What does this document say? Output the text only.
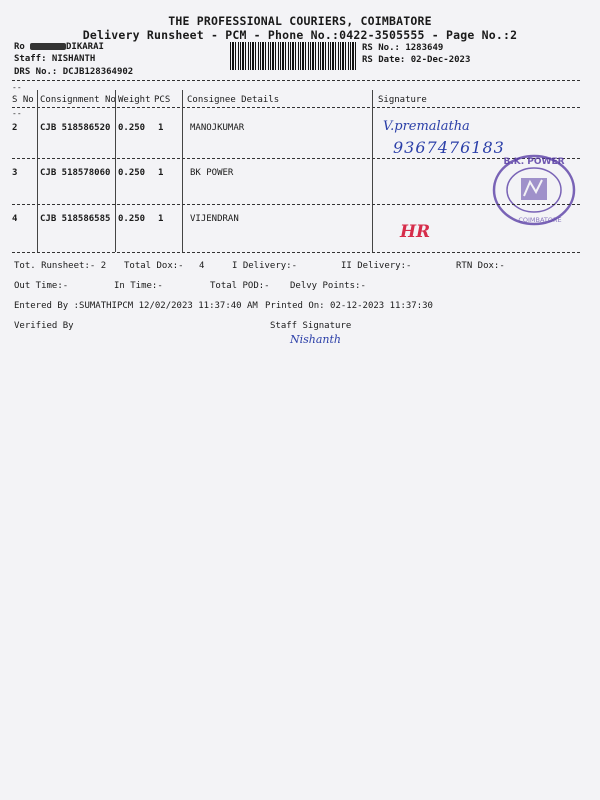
THE PROFESSIONAL COURIERS, COIMBATORE
Delivery Runsheet - PCM - Phone No.:0422-3505555 - Page No.:2
Ro	DIKARAI
Staff: NISHANTH
DRS No.: DCJB128364902
RS No.: 1283649
RS Date: 02-Dec-2023
--
S No Consignment No Weight PCS Consignee Details	Signature
--
2	CJB 518586520 0.250 1	MANOJKUMAR	V.premalatha
9367476183
3	CJB 518578060 0.250 1	BK POWER
B.K. POWER
COIMBATORE
4	CJB 518586585 0.250 1	VIJENDRAN
HR
Tot. Runsheet:- 2 Total Dox:- 4	I Delivery:-	II Delivery:-	RTN Dox:-
Out Time:-	In Time:-	Total POD:- Delvy Points:-
Entered By :SUMATHIPCM 12/02/2023 11:37:40 AM Printed On: 02-12-2023 11:37:30
Verified By	Staff Signature
Nishanth
